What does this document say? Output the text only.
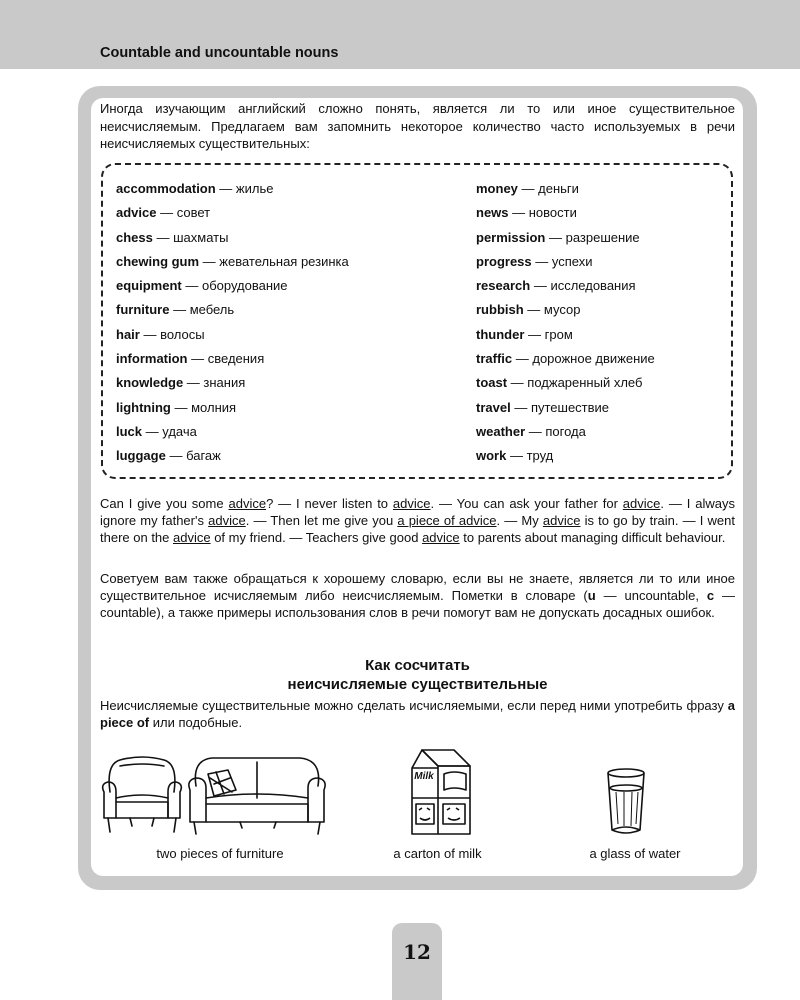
Countable and uncountable nouns

Иногда изучающим английский сложно понять, является ли то или иное существительное неисчисляемым. Предлагаем вам запомнить некоторое количество часто используемых в речи неисчисляемых существительных:

accommodation — жилье
advice — совет
chess — шахматы
chewing gum — жевательная резинка
equipment — оборудование
furniture — мебель
hair — волосы
information — сведения
knowledge — знания
lightning — молния
luck — удача
luggage — багаж
money — деньги
news — новости
permission — разрешение
progress — успехи
research — исследования
rubbish — мусор
thunder — гром
traffic — дорожное движение
toast — поджаренный хлеб
travel — путешествие
weather — погода
work — труд

Can I give you some advice? — I never listen to advice. — You can ask your father for advice. — I always ignore my father's advice. — Then let me give you a piece of advice. — My advice is to go by train. — I went there on the advice of my friend. — Teachers give good advice to parents about managing difficult behaviour.

Советуем вам также обращаться к хорошему словарю, если вы не знаете, является ли то или иное существительное исчисляемым либо неисчисляемым. Пометки в словаре (u — uncountable, c — countable), а также примеры использования слов в речи помогут вам не допускать досадных ошибок.

Как сосчитать
неисчисляемые существительные

Неисчисляемые существительные можно сделать исчисляемыми, если перед ними употребить фразу a piece of или подобные.

two pieces of furniture
Milk
a carton of milk	a glass of water
12
